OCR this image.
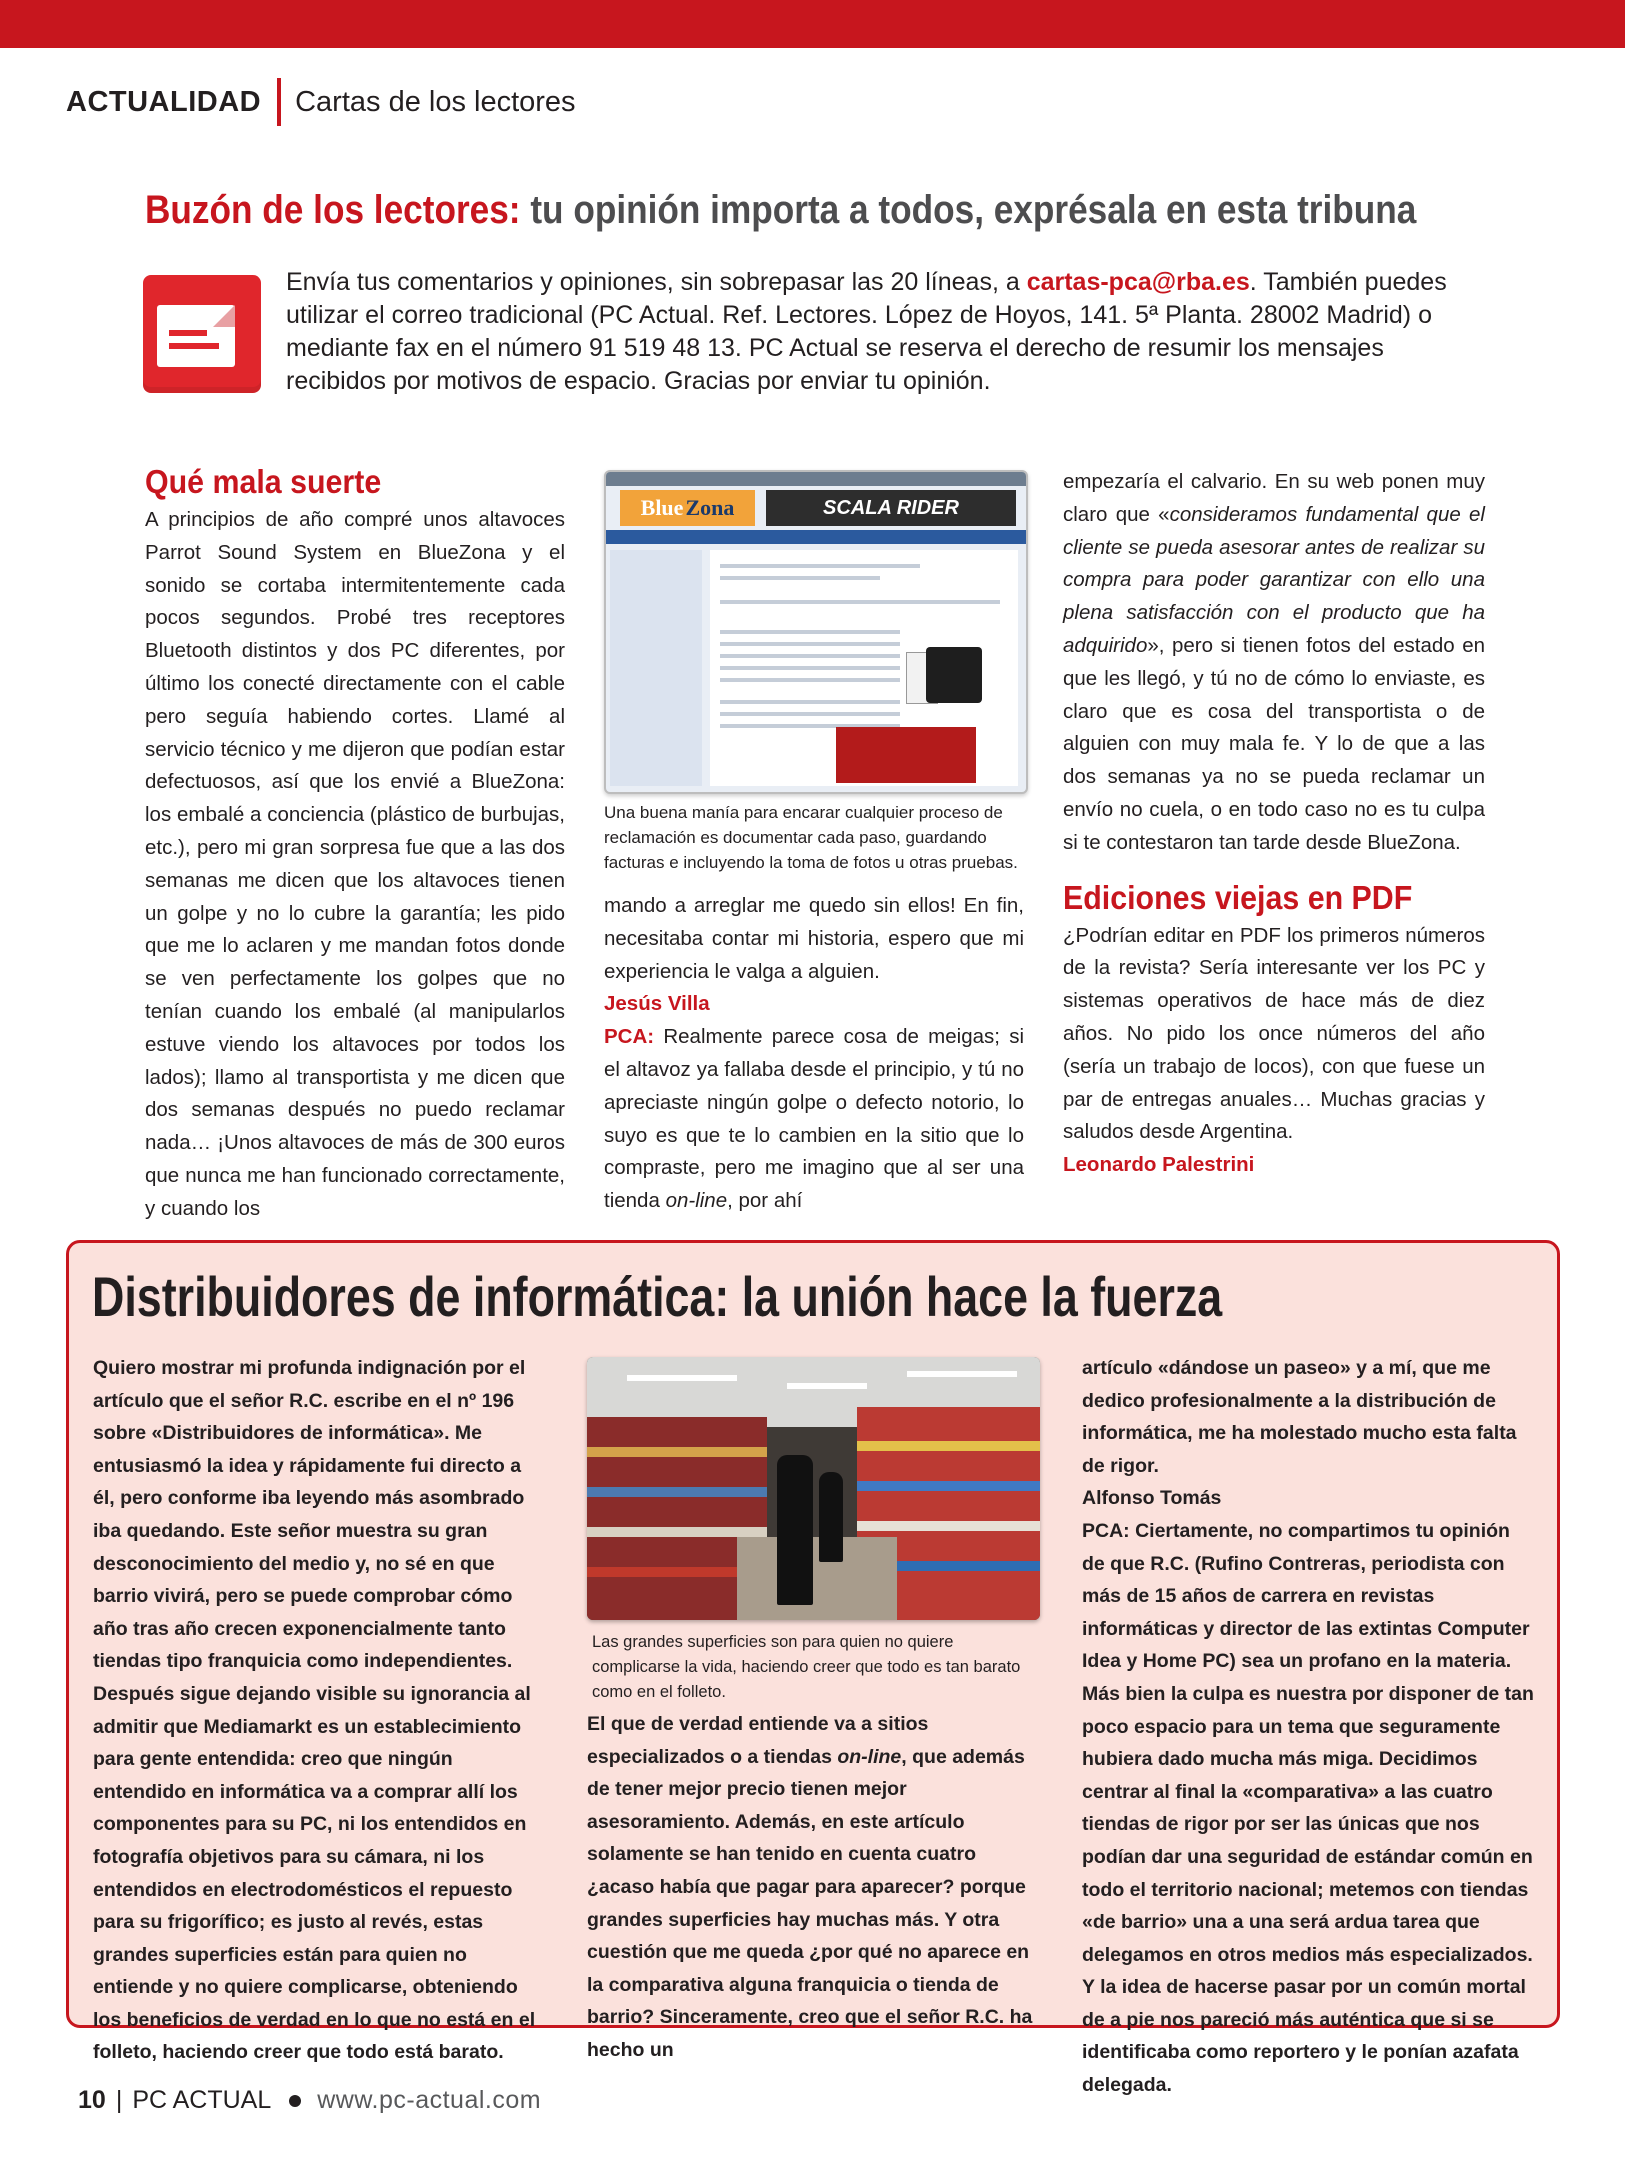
ACTUALIDAD Cartas de los lectores
Buzón de los lectores: tu opinión importa a todos, exprésala en esta tribuna
Envía tus comentarios y opiniones, sin sobrepasar las 20 líneas, a cartas-pca@rba.es. También puedes utilizar el correo tradicional (PC Actual. Ref. Lectores. López de Hoyos, 141. 5ª Planta. 28002 Madrid) o mediante fax en el número 91 519 48 13. PC Actual se reserva el derecho de resumir los mensajes recibidos por motivos de espacio. Gracias por enviar tu opinión.
Qué mala suerte

A principios de año compré unos altavoces Parrot Sound System en BlueZona y el sonido se cortaba intermitentemente cada pocos segundos. Probé tres receptores Bluetooth distintos y dos PC diferentes, por último los conecté directamente con el cable pero seguía habiendo cortes. Llamé al servicio técnico y me dijeron que podían estar defectuosos, así que los envié a BlueZona: los embalé a conciencia (plástico de burbujas, etc.), pero mi gran sorpresa fue que a las dos semanas me dicen que los altavoces tienen un golpe y no lo cubre la garantía; les pido que me lo aclaren y me mandan fotos donde se ven perfectamente los golpes que no tenían cuando los embalé (al manipularlos estuve viendo los altavoces por todos los lados); llamo al transportista y me dicen que dos semanas después no puedo reclamar nada… ¡Unos altavoces de más de 300 euros que nunca me han funcionado correctamente, y cuando los

Blue Zona	SCALA RIDER
Una buena manía para encarar cualquier proceso de reclamación es documentar cada paso, guardando facturas e incluyendo la toma de fotos u otras pruebas.

mando a arreglar me quedo sin ellos! En fin, necesitaba contar mi historia, espero que mi experiencia le valga a alguien.

Jesús Villa

PCA: Realmente parece cosa de meigas; si el altavoz ya fallaba desde el principio, y tú no apreciaste ningún golpe o defecto notorio, lo suyo es que te lo cambien en la sitio que lo compraste, pero me imagino que al ser una tienda on-line, por ahí

empezaría el calvario. En su web ponen muy claro que «consideramos fundamental que el cliente se pueda asesorar antes de realizar su compra para poder garantizar con ello una plena satisfacción con el producto que ha adquirido», pero si tienen fotos del estado en que les llegó, y tú no de cómo lo enviaste, es claro que es cosa del transportista o de alguien con muy mala fe. Y lo de que a las dos semanas ya no se pueda reclamar un envío no cuela, o en todo caso no es tu culpa si te contestaron tan tarde desde BlueZona.

Ediciones viejas en PDF

¿Podrían editar en PDF los primeros números de la revista? Sería interesante ver los PC y sistemas operativos de hace más de diez años. No pido los once números del año (sería un trabajo de locos), con que fuese un par de entregas anuales… Muchas gracias y saludos desde Argentina.

Leonardo Palestrini

Distribuidores de informática: la unión hace la fuerza

Quiero mostrar mi profunda indignación por el artículo que el señor R.C. escribe en el nº 196 sobre «Distribuidores de informática». Me entusiasmó la idea y rápidamente fui directo a él, pero conforme iba leyendo más asombrado iba quedando. Este señor muestra su gran desconocimiento del medio y, no sé en que barrio vivirá, pero se puede comprobar cómo año tras año crecen exponencialmente tanto tiendas tipo franquicia como independientes. Después sigue dejando visible su ignorancia al admitir que Mediamarkt es un establecimiento para gente entendida: creo que ningún entendido en informática va a comprar allí los componentes para su PC, ni los entendidos en fotografía objetivos para su cámara, ni los entendidos en electrodomésticos el repuesto para su frigorífico; es justo al revés, estas grandes superficies están para quien no entiende y no quiere complicarse, obteniendo los beneficios de verdad en lo que no está en el folleto, haciendo creer que todo está barato.

Las grandes superficies son para quien no quiere complicarse la vida, haciendo creer que todo es tan barato como en el folleto.

El que de verdad entiende va a sitios especializados o a tiendas on-line, que además de tener mejor precio tienen mejor asesoramiento. Además, en este artículo solamente se han tenido en cuenta cuatro ¿acaso había que pagar para aparecer? porque grandes superficies hay muchas más. Y otra cuestión que me queda ¿por qué no aparece en la comparativa alguna franquicia o tienda de barrio? Sinceramente, creo que el señor R.C. ha hecho un

artículo «dándose un paseo» y a mí, que me dedico profesionalmente a la distribución de informática, me ha molestado mucho esta falta de rigor.

Alfonso Tomás

PCA: Ciertamente, no compartimos tu opinión de que R.C. (Rufino Contreras, periodista con más de 15 años de carrera en revistas informáticas y director de las extintas Computer Idea y Home PC) sea un profano en la materia. Más bien la culpa es nuestra por disponer de tan poco espacio para un tema que seguramente hubiera dado mucha más miga. Decidimos centrar al final la «comparativa» a las cuatro tiendas de rigor por ser las únicas que nos podían dar una seguridad de estándar común en todo el territorio nacional; metemos con tiendas «de barrio» una a una será ardua tarea que delegamos en otros medios más especializados. Y la idea de hacerse pasar por un común mortal de a pie nos pareció más auténtica que si se identificaba como reportero y le ponían azafata delegada.

10 | PC ACTUAL www.pc-actual.com
